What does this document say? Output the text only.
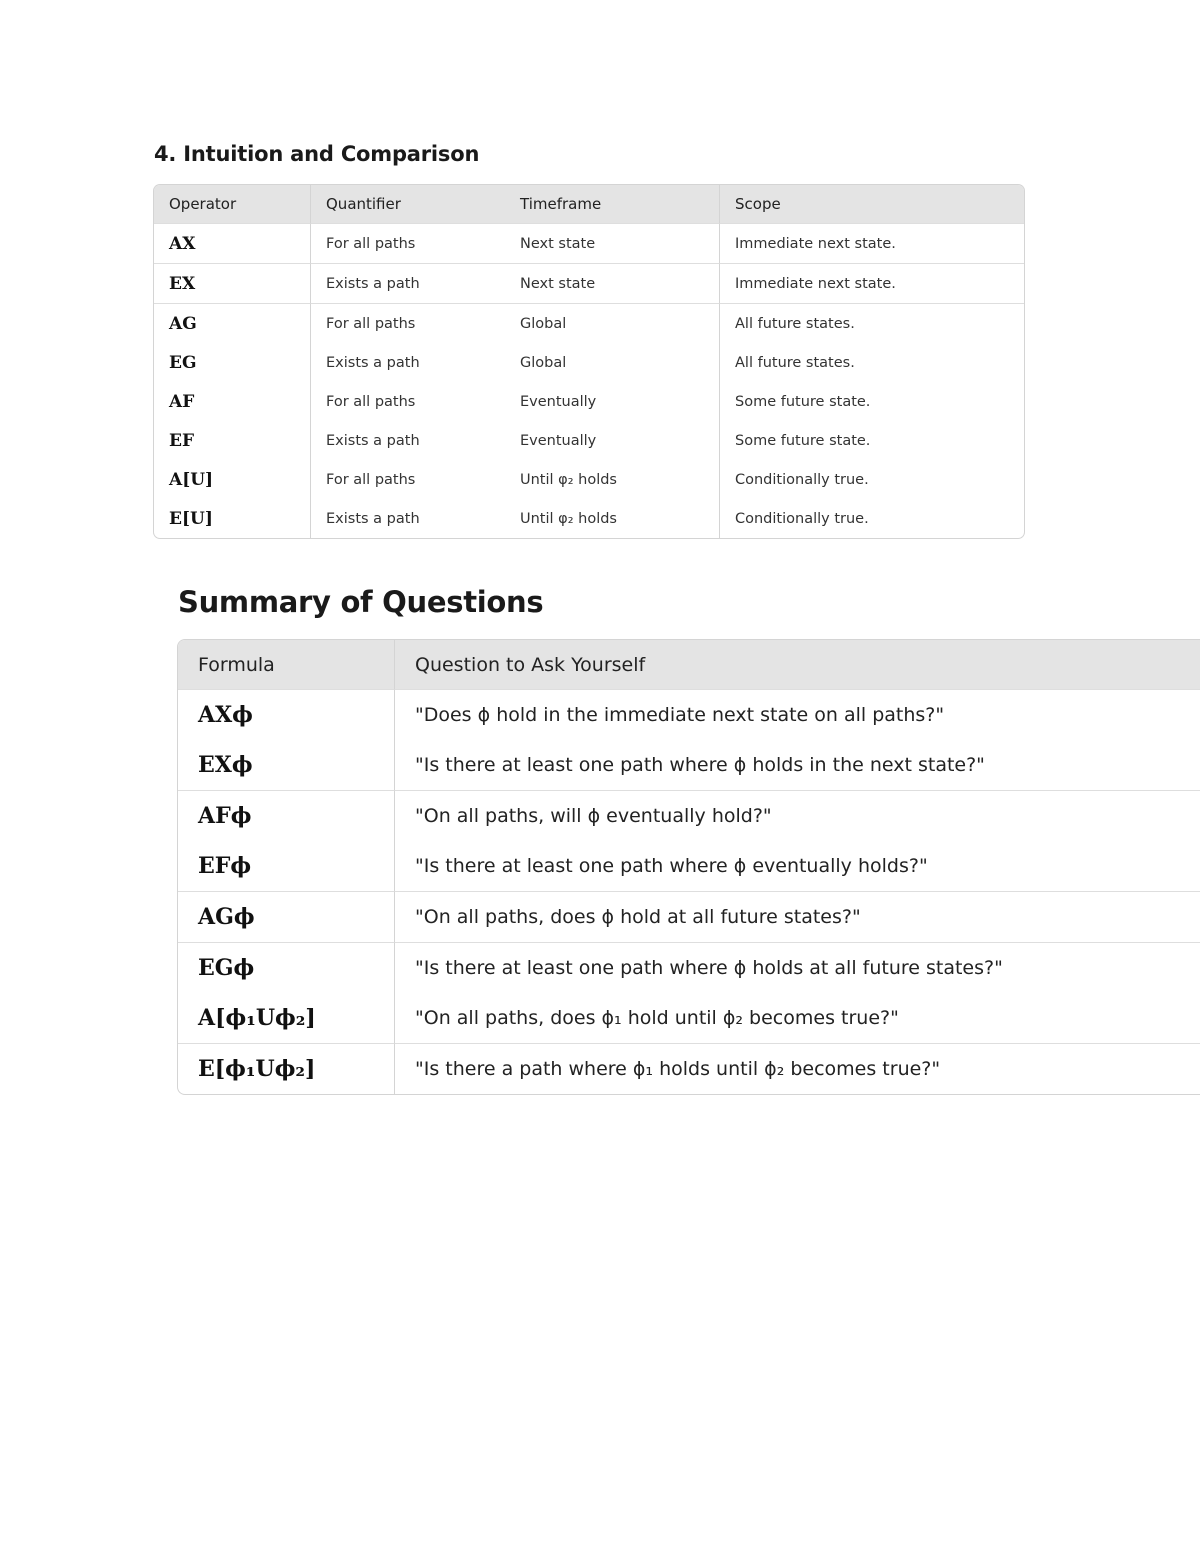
4. Intuition and Comparison
Operator	Quantifier	Timeframe	Scope
AX	For all paths	Next state	Immediate next state.
EX	Exists a path	Next state	Immediate next state.
AG	For all paths	Global	All future states.
EG	Exists a path	Global	All future states.
AF	For all paths	Eventually	Some future state.
EF	Exists a path	Eventually	Some future state.
A[U]	For all paths	Until φ₂ holds	Conditionally true.
E[U]	Exists a path	Until φ₂ holds	Conditionally true.
Summary of Questions
Formula	Question to Ask Yourself
AXϕ	"Does ϕ hold in the immediate next state on all paths?"
EXϕ	"Is there at least one path where ϕ holds in the next state?"
AFϕ	"On all paths, will ϕ eventually hold?"
EFϕ	"Is there at least one path where ϕ eventually holds?"
AGϕ	"On all paths, does ϕ hold at all future states?"
EGϕ	"Is there at least one path where ϕ holds at all future states?"
A[ϕ₁Uϕ₂]	"On all paths, does ϕ₁ hold until ϕ₂ becomes true?"
E[ϕ₁Uϕ₂]	"Is there a path where ϕ₁ holds until ϕ₂ becomes true?"
